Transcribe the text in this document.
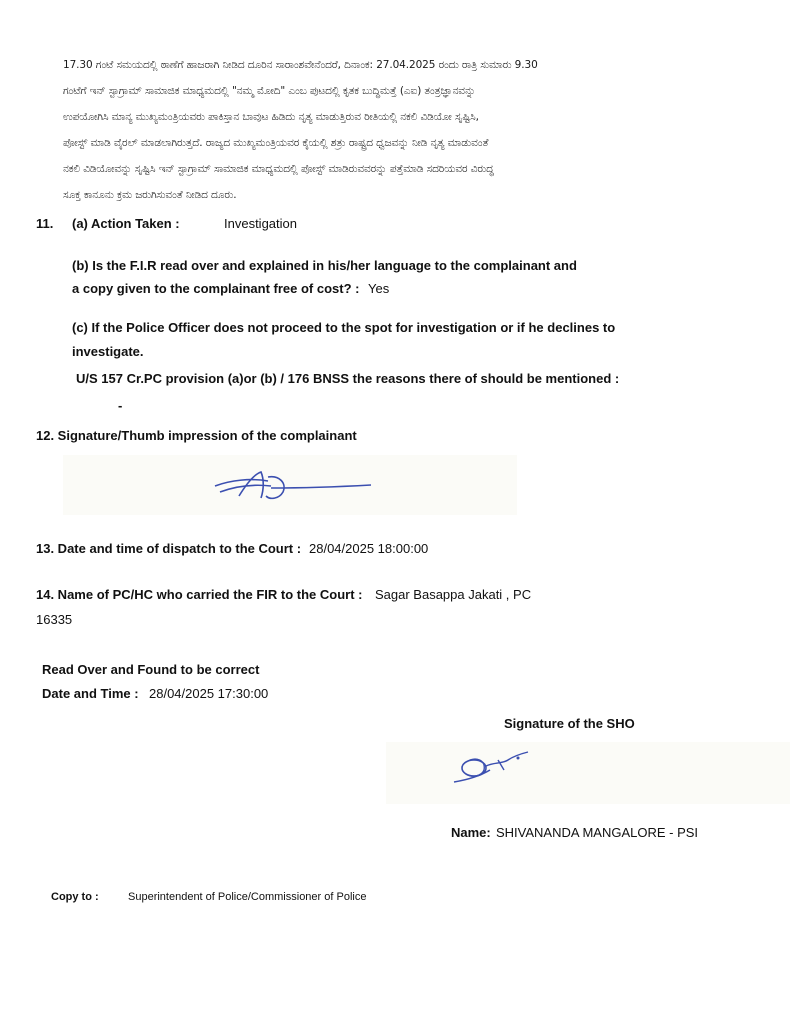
17.30 ಗಂಟೆ ಸಮಯದಲ್ಲಿ ಠಾಣೆಗೆ ಹಾಜರಾಗಿ ನೀಡಿದ ದೂರಿನ ಸಾರಾಂಶವೇನೆಂದರೆ, ದಿನಾಂಕ: 27.04.2025 ರಂದು ರಾತ್ರಿ ಸುಮಾರು 9.30
ಗಂಟೆಗೆ ಇನ್ ಸ್ಟಾಗ್ರಾಮ್ ಸಾಮಾಜಿಕ ಮಾಧ್ಯಮದಲ್ಲಿ "ನಮ್ಮ ಮೋದಿ" ಎಂಬ ಪುಟದಲ್ಲಿ ಕೃತಕ ಬುದ್ಧಿಮತ್ತೆ (ಎಐ) ತಂತ್ರಜ್ಞಾನವನ್ನು
ಉಪಯೋಗಿಸಿ ಮಾನ್ಯ ಮುಖ್ಯಮಂತ್ರಿಯವರು ಪಾಕಿಸ್ತಾನ ಬಾವುಟ ಹಿಡಿದು ನೃತ್ಯ ಮಾಡುತ್ತಿರುವ ರೀತಿಯಲ್ಲಿ ನಕಲಿ ವಿಡಿಯೋ ಸೃಷ್ಟಿಸಿ,
ಪೋಸ್ಟ್ ಮಾಡಿ ವೈರಲ್ ಮಾಡಲಾಗಿರುತ್ತದೆ. ರಾಜ್ಯದ ಮುಖ್ಯಮಂತ್ರಿಯವರ ಕೈಯಲ್ಲಿ ಶತ್ರು ರಾಷ್ಟ್ರದ ಧ್ವಜವನ್ನು ನೀಡಿ ನೃತ್ಯ ಮಾಡುವಂತೆ
ನಕಲಿ ವಿಡಿಯೋವನ್ನು ಸೃಷ್ಟಿಸಿ ಇನ್ ಸ್ಟಾಗ್ರಾಮ್ ಸಾಮಾಜಿಕ ಮಾಧ್ಯಮದಲ್ಲಿ ಪೋಸ್ಟ್ ಮಾಡಿರುವವರನ್ನು ಪತ್ತೆಮಾಡಿ ಸದರಿಯವರ ವಿರುದ್ಧ
ಸೂಕ್ತ ಕಾನೂನು ಕ್ರಮ ಜರುಗಿಸುವಂತೆ ನೀಡಿದ ದೂರು.
11. (a) Action Taken :	Investigation
(b) Is the F.I.R read over and explained in his/her language to the complainant and
a copy given to the complainant free of cost? : Yes
(c) If the Police Officer does not proceed to the spot for investigation or if he declines to
investigate.
U/S 157 Cr.PC provision (a)or (b) / 176 BNSS the reasons there of should be mentioned :
-
12. Signature/Thumb impression of the complainant
13. Date and time of dispatch to the Court : 28/04/2025 18:00:00
14. Name of PC/HC who carried the FIR to the Court : Sagar Basappa Jakati , PC
16335
Read Over and Found to be correct
Date and Time : 28/04/2025 17:30:00
Signature of the SHO
Name: SHIVANANDA MANGALORE - PSI
Copy to :	Superintendent of Police/Commissioner of Police
